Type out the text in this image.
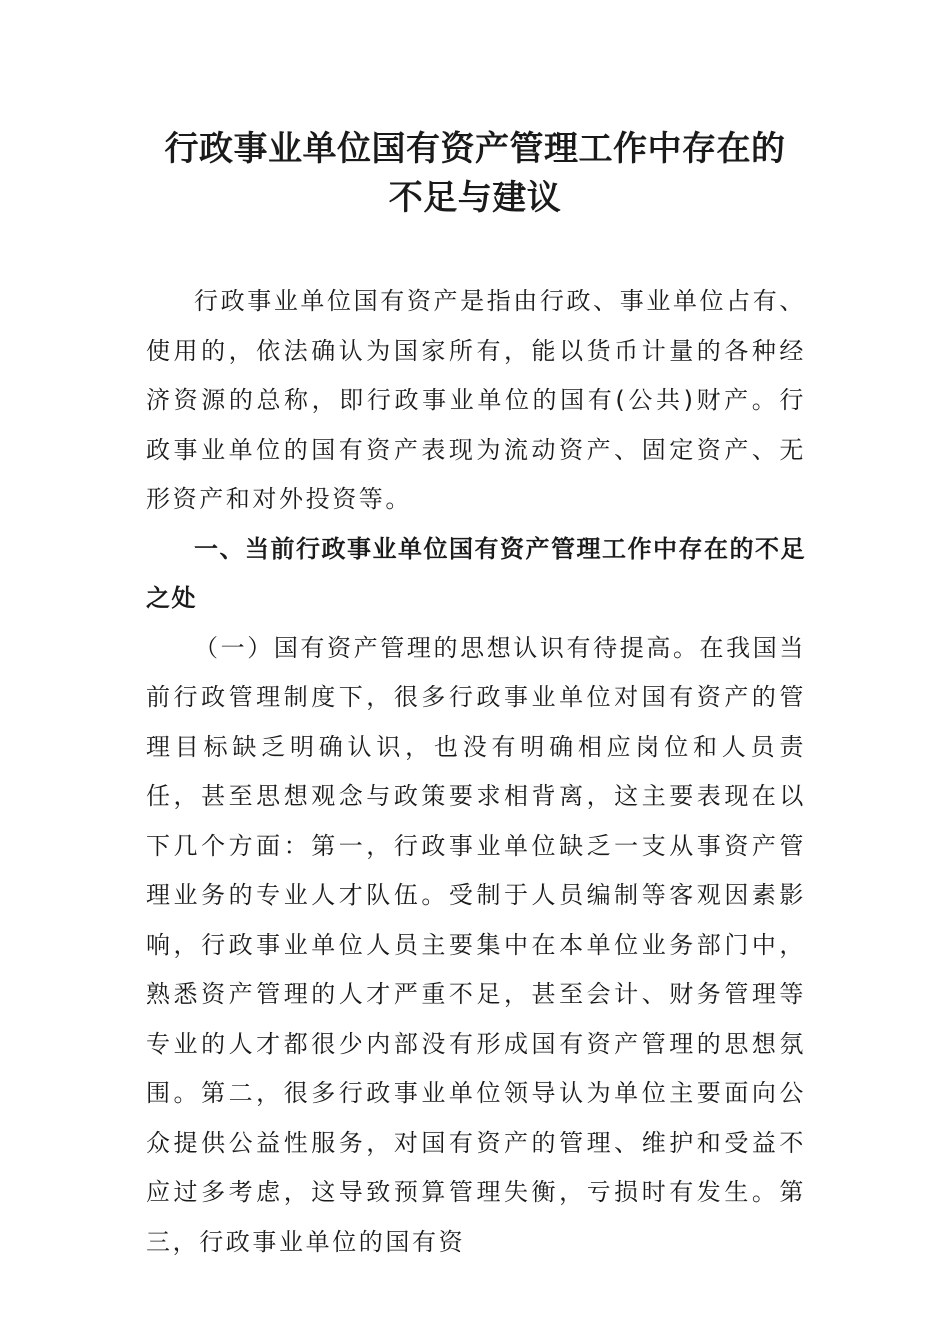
行政事业单位国有资产管理工作中存在的
不足与建议

行政事业单位国有资产是指由行政、事业单位占有、使用的，依法确认为国家所有，能以货币计量的各种经济资源的总称，即行政事业单位的国有(公共)财产。行政事业单位的国有资产表现为流动资产、固定资产、无形资产和对外投资等。

一、当前行政事业单位国有资产管理工作中存在的不足之处

（一）国有资产管理的思想认识有待提高。在我国当前行政管理制度下，很多行政事业单位对国有资产的管理目标缺乏明确认识，也没有明确相应岗位和人员责任，甚至思想观念与政策要求相背离，这主要表现在以下几个方面：第一，行政事业单位缺乏一支从事资产管理业务的专业人才队伍。受制于人员编制等客观因素影响，行政事业单位人员主要集中在本单位业务部门中，熟悉资产管理的人才严重不足，甚至会计、财务管理等专业的人才都很少内部没有形成国有资产管理的思想氛围。第二，很多行政事业单位领导认为单位主要面向公众提供公益性服务，对国有资产的管理、维护和受益不应过多考虑，这导致预算管理失衡，亏损时有发生。第三，行政事业单位的国有资
